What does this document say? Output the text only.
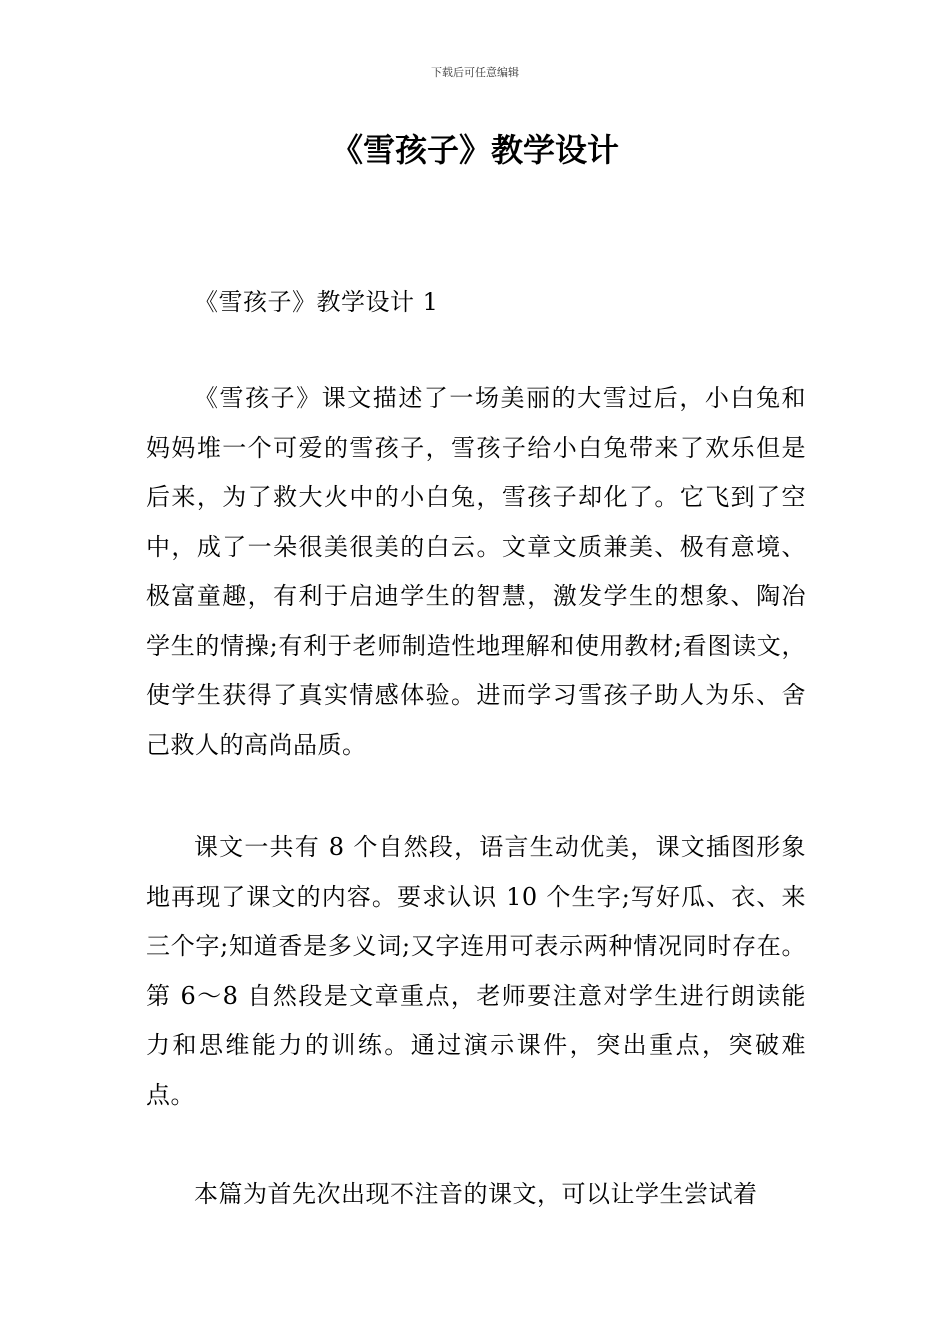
下载后可任意编辑
《雪孩子》教学设计

《雪孩子》教学设计 1

《雪孩子》课文描述了一场美丽的大雪过后，小白兔和妈妈堆一个可爱的雪孩子，雪孩子给小白兔带来了欢乐但是后来，为了救大火中的小白兔，雪孩子却化了。它飞到了空中，成了一朵很美很美的白云。文章文质兼美、极有意境、极富童趣，有利于启迪学生的智慧，激发学生的想象、陶冶学生的情操;有利于老师制造性地理解和使用教材;看图读文，使学生获得了真实情感体验。进而学习雪孩子助人为乐、舍己救人的高尚品质。

课文一共有 8 个自然段，语言生动优美，课文插图形象地再现了课文的内容。要求认识 10 个生字;写好瓜、衣、来三个字;知道香是多义词;又字连用可表示两种情况同时存在。第 6～8 自然段是文章重点，老师要注意对学生进行朗读能力和思维能力的训练。通过演示课件，突出重点，突破难点。

本篇为首先次出现不注音的课文，可以让学生尝试着
